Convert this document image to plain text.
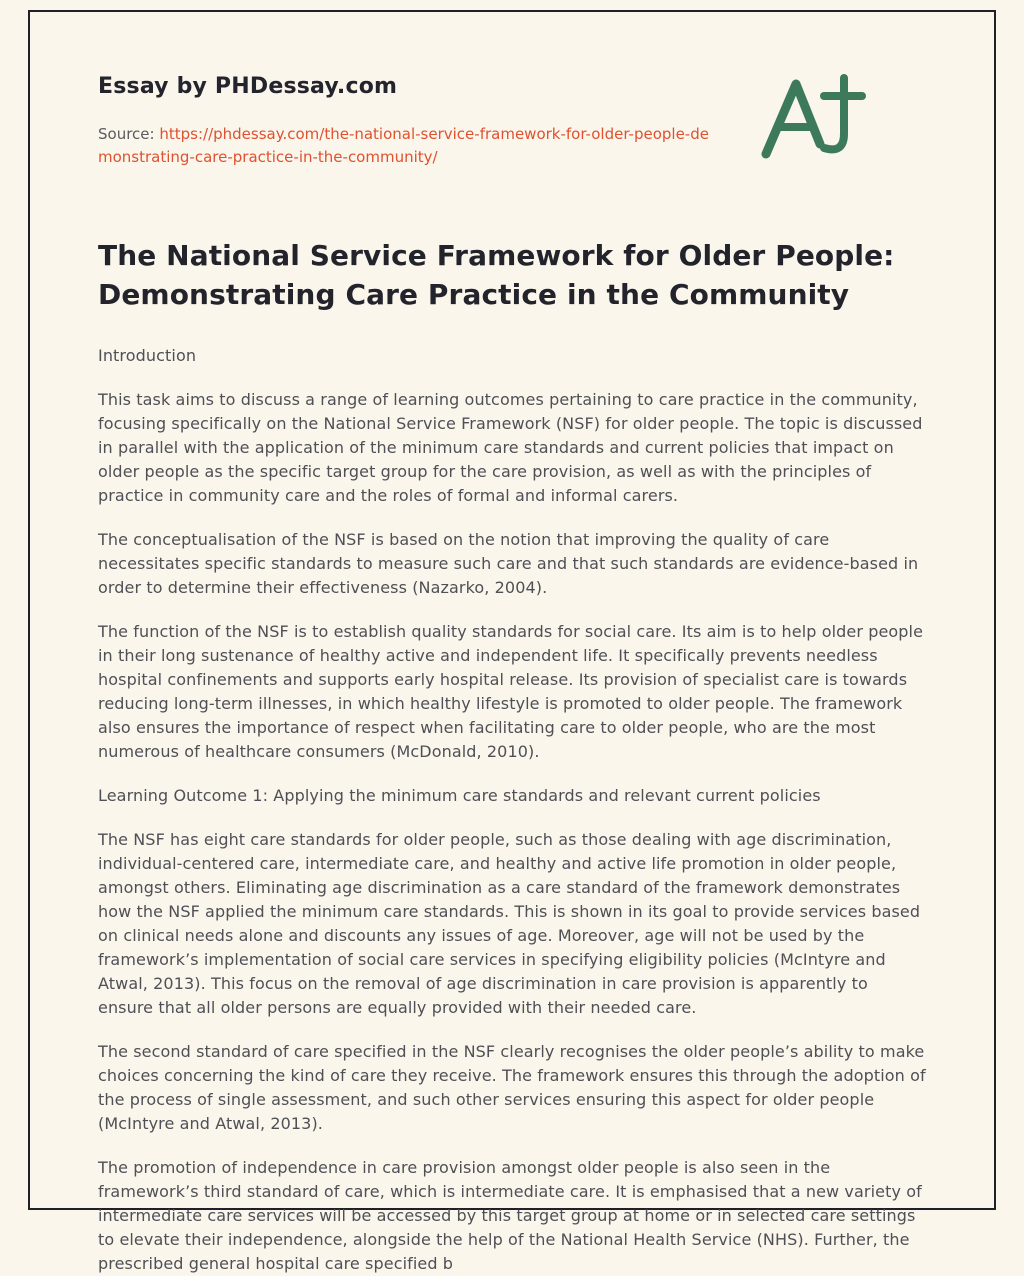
Essay by PHDessay.com
Source: https://phdessay.com/the-national-service-framework-for-older-people-demonstrating-care-practice-in-the-community/
The National Service Framework for Older People: Demonstrating Care Practice in the Community

Introduction

This task aims to discuss a range of learning outcomes pertaining to care practice in the community, focusing specifically on the National Service Framework (NSF) for older people. The topic is discussed in parallel with the application of the minimum care standards and current policies that impact on older people as the specific target group for the care provision, as well as with the principles of practice in community care and the roles of formal and informal carers.

The conceptualisation of the NSF is based on the notion that improving the quality of care necessitates specific standards to measure such care and that such standards are evidence-based in order to determine their effectiveness (Nazarko, 2004).

The function of the NSF is to establish quality standards for social care. Its aim is to help older people in their long sustenance of healthy active and independent life. It specifically prevents needless hospital confinements and supports early hospital release. Its provision of specialist care is towards reducing long-term illnesses, in which healthy lifestyle is promoted to older people. The framework also ensures the importance of respect when facilitating care to older people, who are the most numerous of healthcare consumers (McDonald, 2010).

Learning Outcome 1: Applying the minimum care standards and relevant current policies

The NSF has eight care standards for older people, such as those dealing with age discrimination, individual-centered care, intermediate care, and healthy and active life promotion in older people, amongst others. Eliminating age discrimination as a care standard of the framework demonstrates how the NSF applied the minimum care standards. This is shown in its goal to provide services based on clinical needs alone and discounts any issues of age. Moreover, age will not be used by the framework’s implementation of social care services in specifying eligibility policies (McIntyre and Atwal, 2013). This focus on the removal of age discrimination in care provision is apparently to ensure that all older persons are equally provided with their needed care.

The second standard of care specified in the NSF clearly recognises the older people’s ability to make choices concerning the kind of care they receive. The framework ensures this through the adoption of the process of single assessment, and such other services ensuring this aspect for older people (McIntyre and Atwal, 2013).

The promotion of independence in care provision amongst older people is also seen in the framework’s third standard of care, which is intermediate care. It is emphasised that a new variety of intermediate care services will be accessed by this target group at home or in selected care settings to elevate their independence, alongside the help of the National Health Service (NHS). Further, the prescribed general hospital care specified b
